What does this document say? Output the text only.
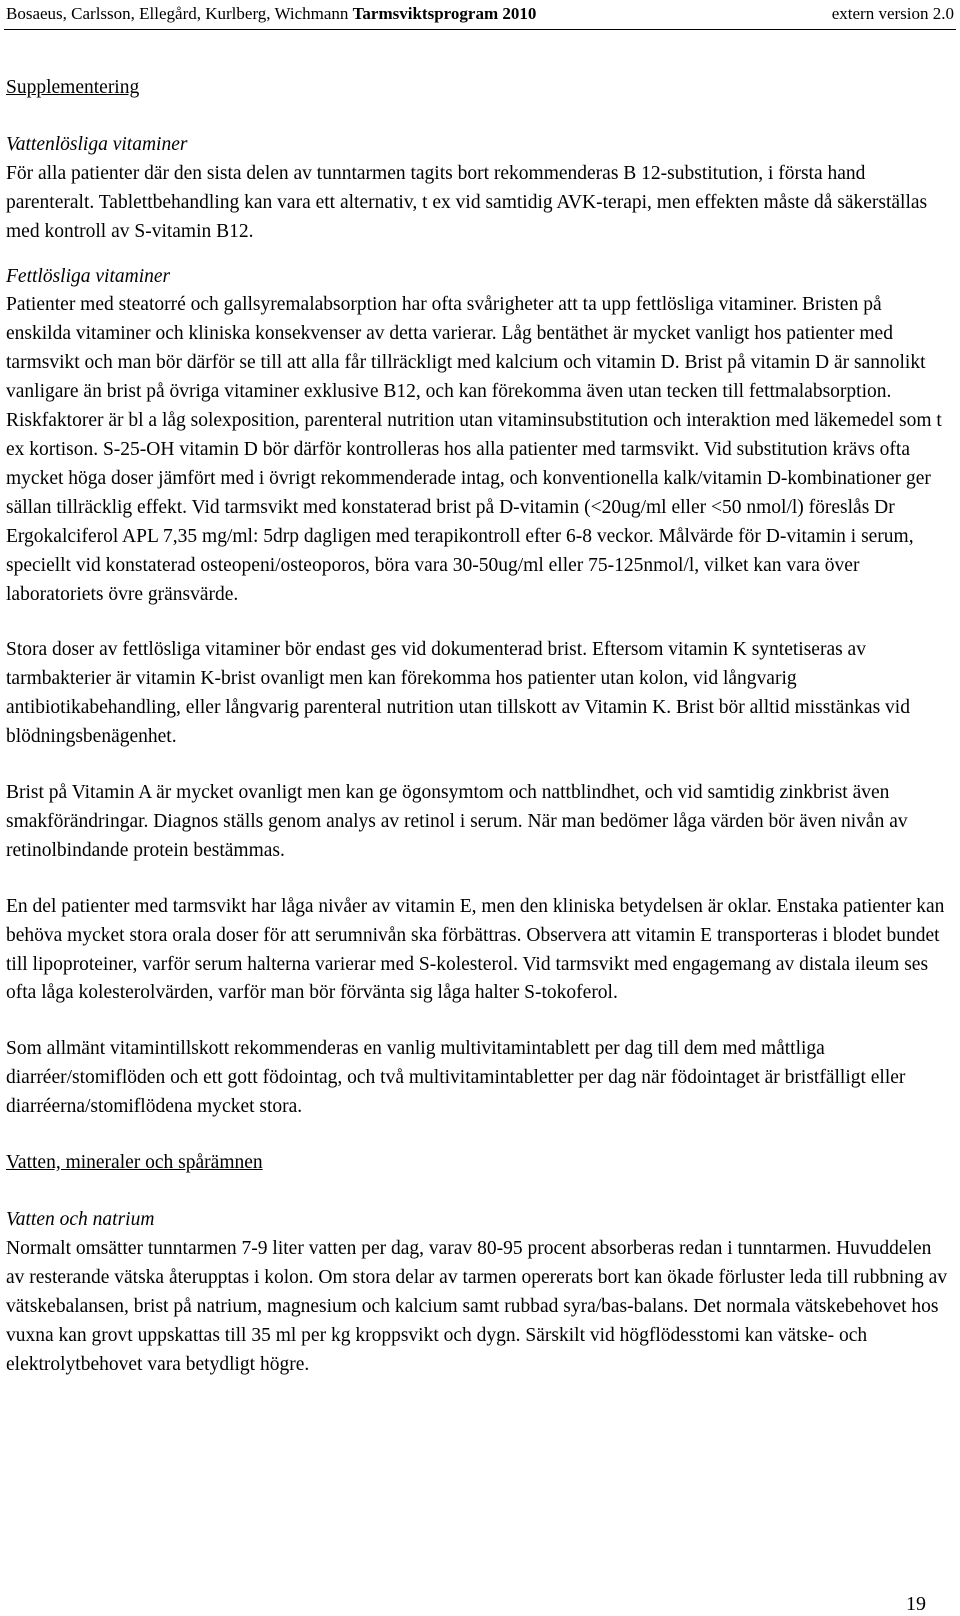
Bosaeus, Carlsson, Ellegård, Kurlberg, Wichmann Tarmsviktsprogram 2010	extern version 2.0

Supplementering

Vattenlösliga vitaminer

För alla patienter där den sista delen av tunntarmen tagits bort rekommenderas B 12-substitution, i första hand parenteralt. Tablettbehandling kan vara ett alternativ, t ex vid samtidig AVK-terapi, men effekten måste då säkerställas med kontroll av S-vitamin B12.

Fettlösliga vitaminer

Patienter med steatorré och gallsyremalabsorption har ofta svårigheter att ta upp fettlösliga vitaminer. Bristen på enskilda vitaminer och kliniska konsekvenser av detta varierar. Låg bentäthet är mycket vanligt hos patienter med tarmsvikt och man bör därför se till att alla får tillräckligt med kalcium och vitamin D. Brist på vitamin D är sannolikt vanligare än brist på övriga vitaminer exklusive B12, och kan förekomma även utan tecken till fettmalabsorption. Riskfaktorer är bl a låg solexposition, parenteral nutrition utan vitaminsubstitution och interaktion med läkemedel som t ex kortison. S-25-OH vitamin D bör därför kontrolleras hos alla patienter med tarmsvikt. Vid substitution krävs ofta mycket höga doser jämfört med i övrigt rekommenderade intag, och konventionella kalk/vitamin D-kombinationer ger sällan tillräcklig effekt. Vid tarmsvikt med konstaterad brist på D-vitamin (<20ug/ml eller <50 nmol/l) föreslås Dr Ergokalciferol APL 7,35 mg/ml: 5drp dagligen med terapikontroll efter 6-8 veckor. Målvärde för D-vitamin i serum, speciellt vid konstaterad osteopeni/osteoporos, böra vara 30-50ug/ml eller 75-125nmol/l, vilket kan vara över laboratoriets övre gränsvärde.

Stora doser av fettlösliga vitaminer bör endast ges vid dokumenterad brist. Eftersom vitamin K syntetiseras av tarmbakterier är vitamin K-brist ovanligt men kan förekomma hos patienter utan kolon, vid långvarig antibiotikabehandling, eller långvarig parenteral nutrition utan tillskott av Vitamin K. Brist bör alltid misstänkas vid blödningsbenägenhet.

Brist på Vitamin A är mycket ovanligt men kan ge ögonsymtom och nattblindhet, och vid samtidig zinkbrist även smakförändringar. Diagnos ställs genom analys av retinol i serum. När man bedömer låga värden bör även nivån av retinolbindande protein bestämmas.

En del patienter med tarmsvikt har låga nivåer av vitamin E, men den kliniska betydelsen är oklar. Enstaka patienter kan behöva mycket stora orala doser för att serumnivån ska förbättras. Observera att vitamin E transporteras i blodet bundet till lipoproteiner, varför serum halterna varierar med S-kolesterol. Vid tarmsvikt med engagemang av distala ileum ses ofta låga kolesterolvärden, varför man bör förvänta sig låga halter S-tokoferol.

Som allmänt vitamintillskott rekommenderas en vanlig multivitamintablett per dag till dem med måttliga diarréer/stomiflöden och ett gott födointag, och två multivitamintabletter per dag när födointaget är bristfälligt eller diarréerna/stomiflödena mycket stora.

Vatten, mineraler och spårämnen

Vatten och natrium

Normalt omsätter tunntarmen 7-9 liter vatten per dag, varav 80-95 procent absorberas redan i tunntarmen. Huvuddelen av resterande vätska återupptas i kolon. Om stora delar av tarmen opererats bort kan ökade förluster leda till rubbning av vätskebalansen, brist på natrium, magnesium och kalcium samt rubbad syra/bas-balans. Det normala vätskebehovet hos vuxna kan grovt uppskattas till 35 ml per kg kroppsvikt och dygn. Särskilt vid högflödesstomi kan vätske- och elektrolytbehovet vara betydligt högre.

19
